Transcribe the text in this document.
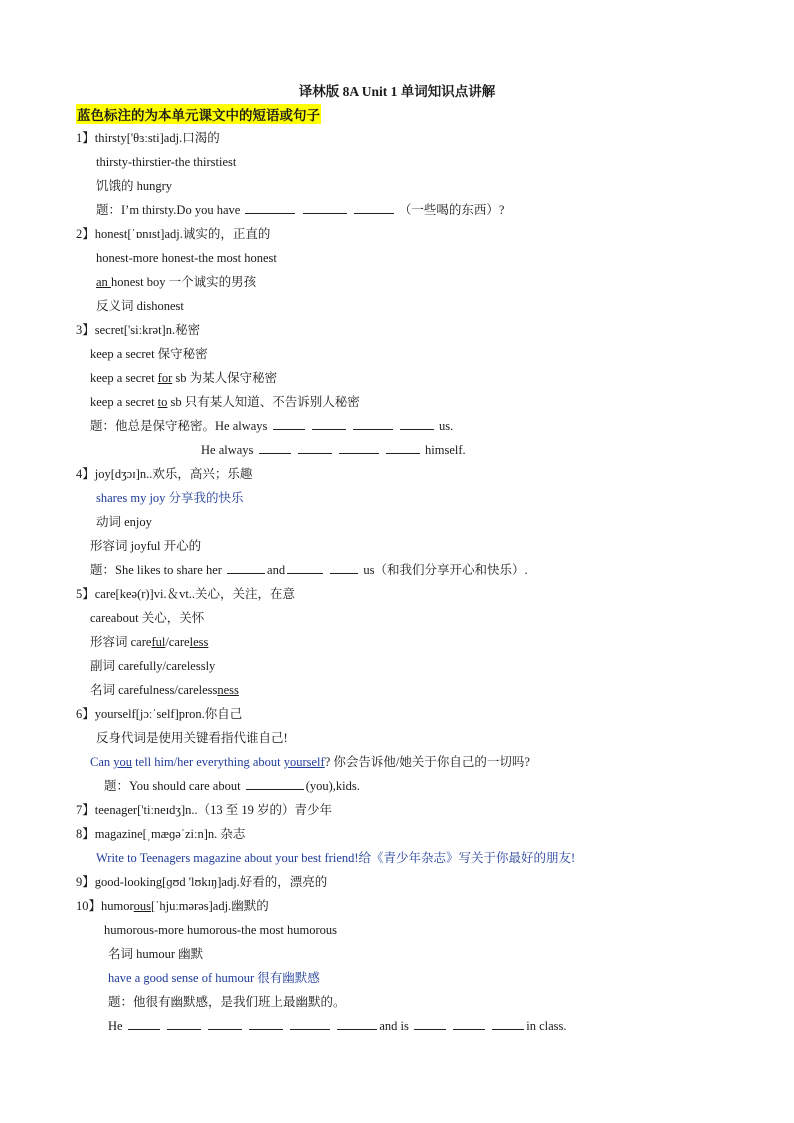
译林版 8A Unit 1 单词知识点讲解
蓝色标注的为本单元课文中的短语或句子
1】thirsty['θɜːsti]adj.口渴的
thirsty-thirstier-the thirstiest
饥饿的 hungry
题：I’m thirsty.Do you have	（一些喝的东西）?
2】honest[ˈɒnɪst]adj.诚实的，正直的
honest-more honest-the most honest
an honest boy 一个诚实的男孩
反义词 dishonest
3】secret['siːkrət]n.秘密
keep a secret 保守秘密
keep a secret for sb 为某人保守秘密
keep a secret to sb 只有某人知道、不告诉别人秘密
题：他总是保守秘密。He always	us.
He always	himself.
4】joy[dʒɔɪ]n..欢乐，高兴；乐趣
shares my joy 分享我的快乐
动词 enjoy
形容词 joyful 开心的
题：She likes to share her	and	us（和我们分享开心和快乐）.
5】care[keə(r)]vi.＆vt..关心，关注，在意
careabout 关心，关怀
形容词 careful/careless
副词 carefully/carelessly
名词 carefulness/carelessness
6】yourself[jɔːˈself]pron.你自己
反身代词是使用关键看指代谁自己!
Can you tell him/her everything about yourself? 你会告诉他/她关于你自己的一切吗?
题：You should care about	(you),kids.
7】teenager['tiːneɪdʒ]n..（13 至 19 岁的）青少年
8】magazine[ˌmæɡəˈziːn]n. 杂志
Write to Teenagers magazine about your best friend!给《青少年杂志》写关于你最好的朋友!
9】good-looking[ɡʊd 'lʊkɪŋ]adj.好看的，漂亮的
10】humorous[ˈhjuːmərəs]adj.幽默的
humorous-more humorous-the most humorous
名词 humour 幽默
have a good sense of humour 很有幽默感
题：他很有幽默感，是我们班上最幽默的。
He	and is	in class.
